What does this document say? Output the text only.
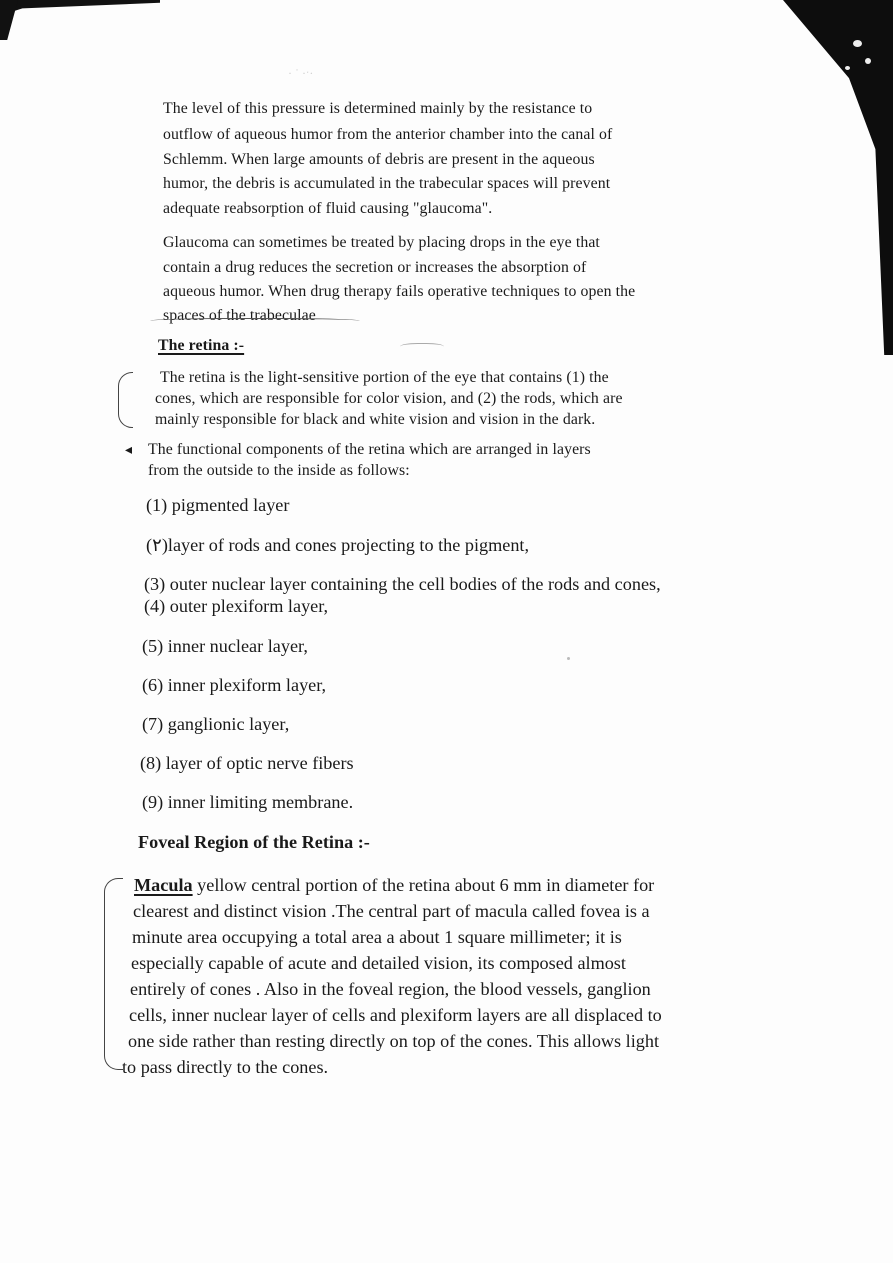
· ˙ ·ˑ·

The level of this pressure is determined mainly by the resistance to

outflow of aqueous humor from the anterior chamber into the canal of

Schlemm. When large amounts of debris are present in the aqueous

humor, the debris is accumulated in the trabecular spaces will prevent

adequate reabsorption of fluid causing "glaucoma".

Glaucoma can sometimes be treated by placing drops in the eye that

contain a drug reduces the secretion or increases the absorption of

aqueous humor. When drug therapy fails operative techniques to open the

spaces of the trabeculae

The retina :-

The retina is the light-sensitive portion of the eye that contains (1) the

cones, which are responsible for color vision, and (2) the rods, which are

mainly responsible for black and white vision and vision in the dark.

◂ The functional components of the retina which are arranged in layers

from the outside to the inside as follows:

(1) pigmented layer

(٢)layer of rods and cones projecting to the pigment,

(3) outer nuclear layer containing the cell bodies of the rods and cones,

(4) outer plexiform layer,

(5) inner nuclear layer,

(6) inner plexiform layer,

(7) ganglionic layer,

(8) layer of optic nerve fibers

(9) inner limiting membrane.

Foveal Region of the Retina :-

Macula yellow central portion of the retina about 6 mm in diameter for

clearest and distinct vision .The central part of macula called fovea is a

minute area occupying a total area a about 1 square millimeter; it is

especially capable of acute and detailed vision, its composed almost

entirely of cones . Also in the foveal region, the blood vessels, ganglion

cells, inner nuclear layer of cells and plexiform layers are all displaced to

one side rather than resting directly on top of the cones. This allows light

to pass directly to the cones.
